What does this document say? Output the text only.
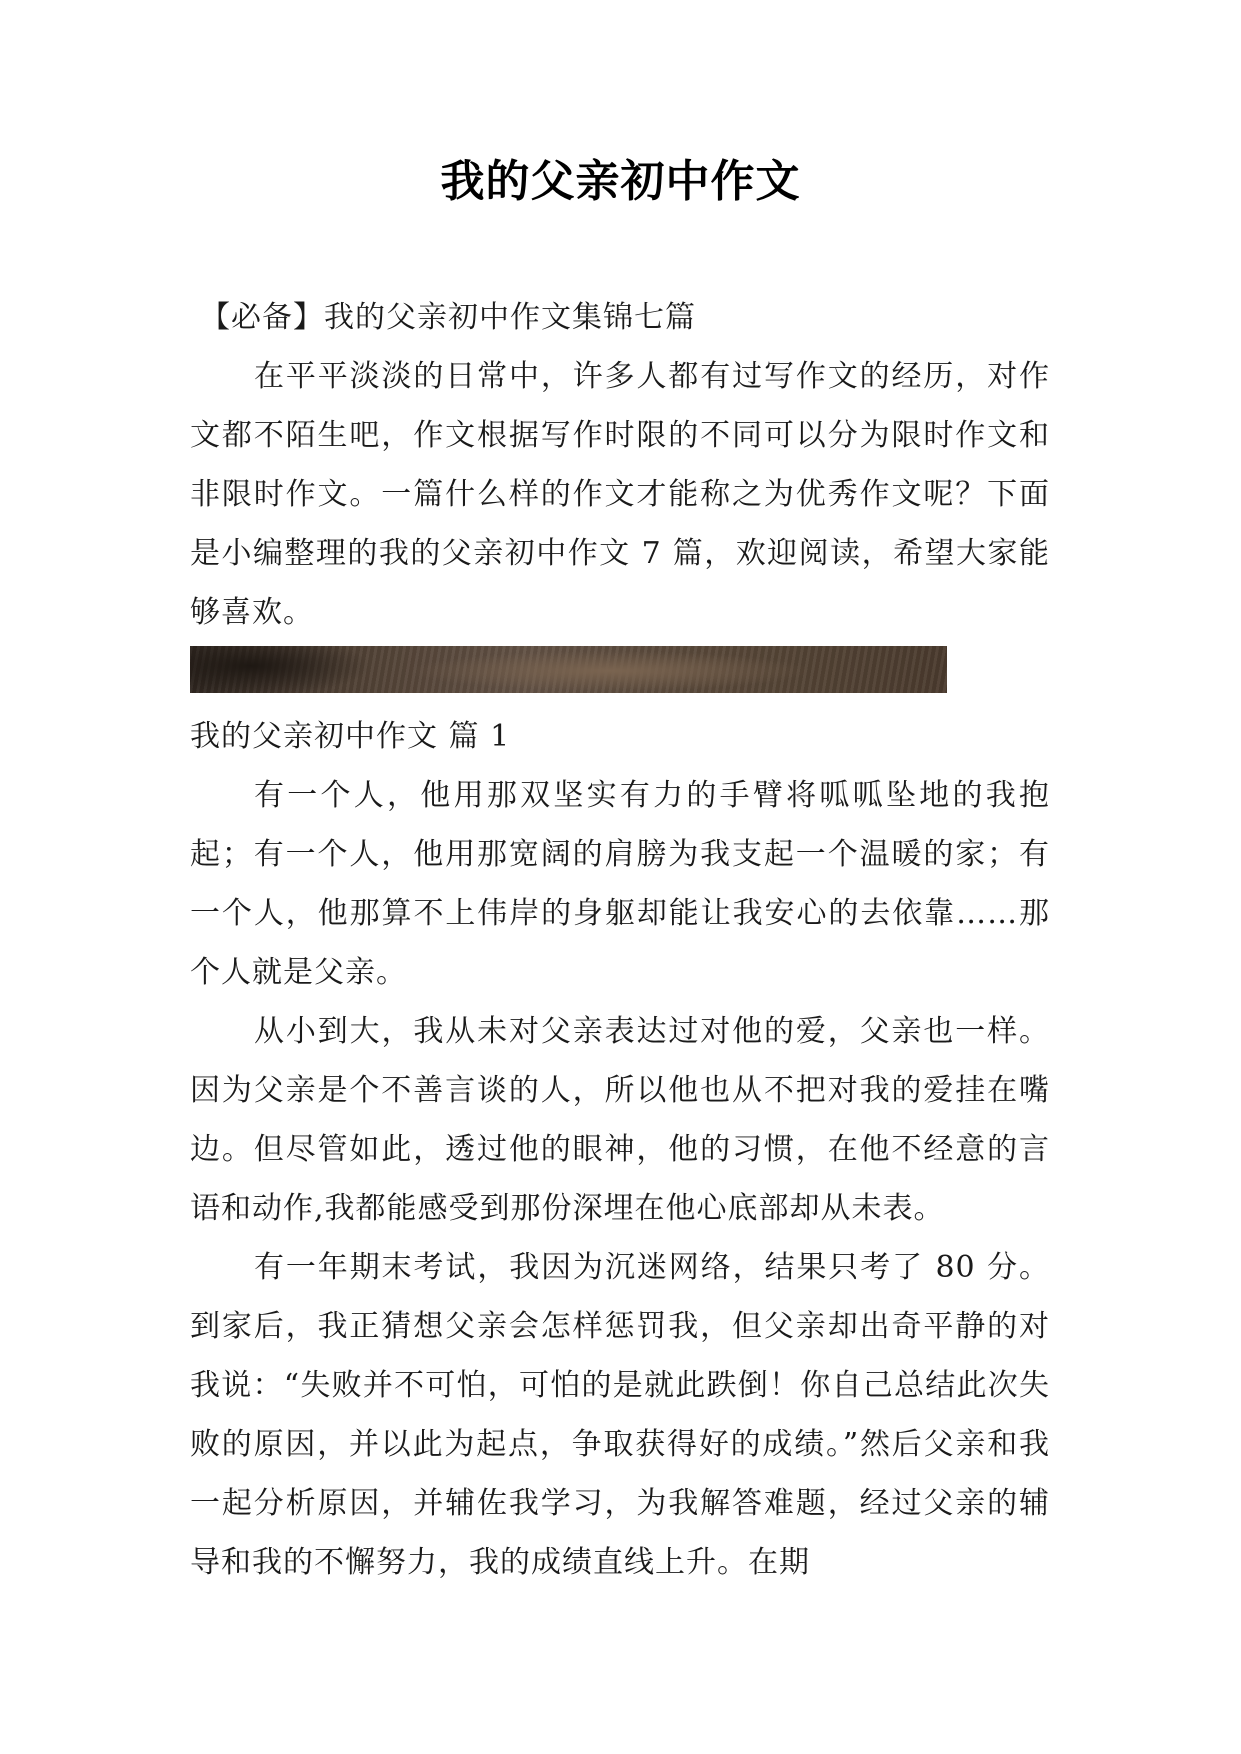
我的父亲初中作文

【必备】我的父亲初中作文集锦七篇

在平平淡淡的日常中，许多人都有过写作文的经历，对作文都不陌生吧，作文根据写作时限的不同可以分为限时作文和非限时作文。一篇什么样的作文才能称之为优秀作文呢？下面是小编整理的我的父亲初中作文 7 篇，欢迎阅读，希望大家能够喜欢。

我的父亲初中作文 篇 1

有一个人，他用那双坚实有力的手臂将呱呱坠地的我抱起；有一个人，他用那宽阔的肩膀为我支起一个温暖的家；有一个人，他那算不上伟岸的身躯却能让我安心的去依靠……那个人就是父亲。

从小到大，我从未对父亲表达过对他的爱，父亲也一样。因为父亲是个不善言谈的人，所以他也从不把对我的爱挂在嘴边。但尽管如此，透过他的眼神，他的习惯，在他不经意的言语和动作,我都能感受到那份深埋在他心底部却从未表。

有一年期末考试，我因为沉迷网络，结果只考了 80 分。到家后，我正猜想父亲会怎样惩罚我，但父亲却出奇平静的对我说：“失败并不可怕，可怕的是就此跌倒！你自己总结此次失败的原因，并以此为起点，争取获得好的成绩。”然后父亲和我一起分析原因，并辅佐我学习，为我解答难题，经过父亲的辅导和我的不懈努力，我的成绩直线上升。在期
